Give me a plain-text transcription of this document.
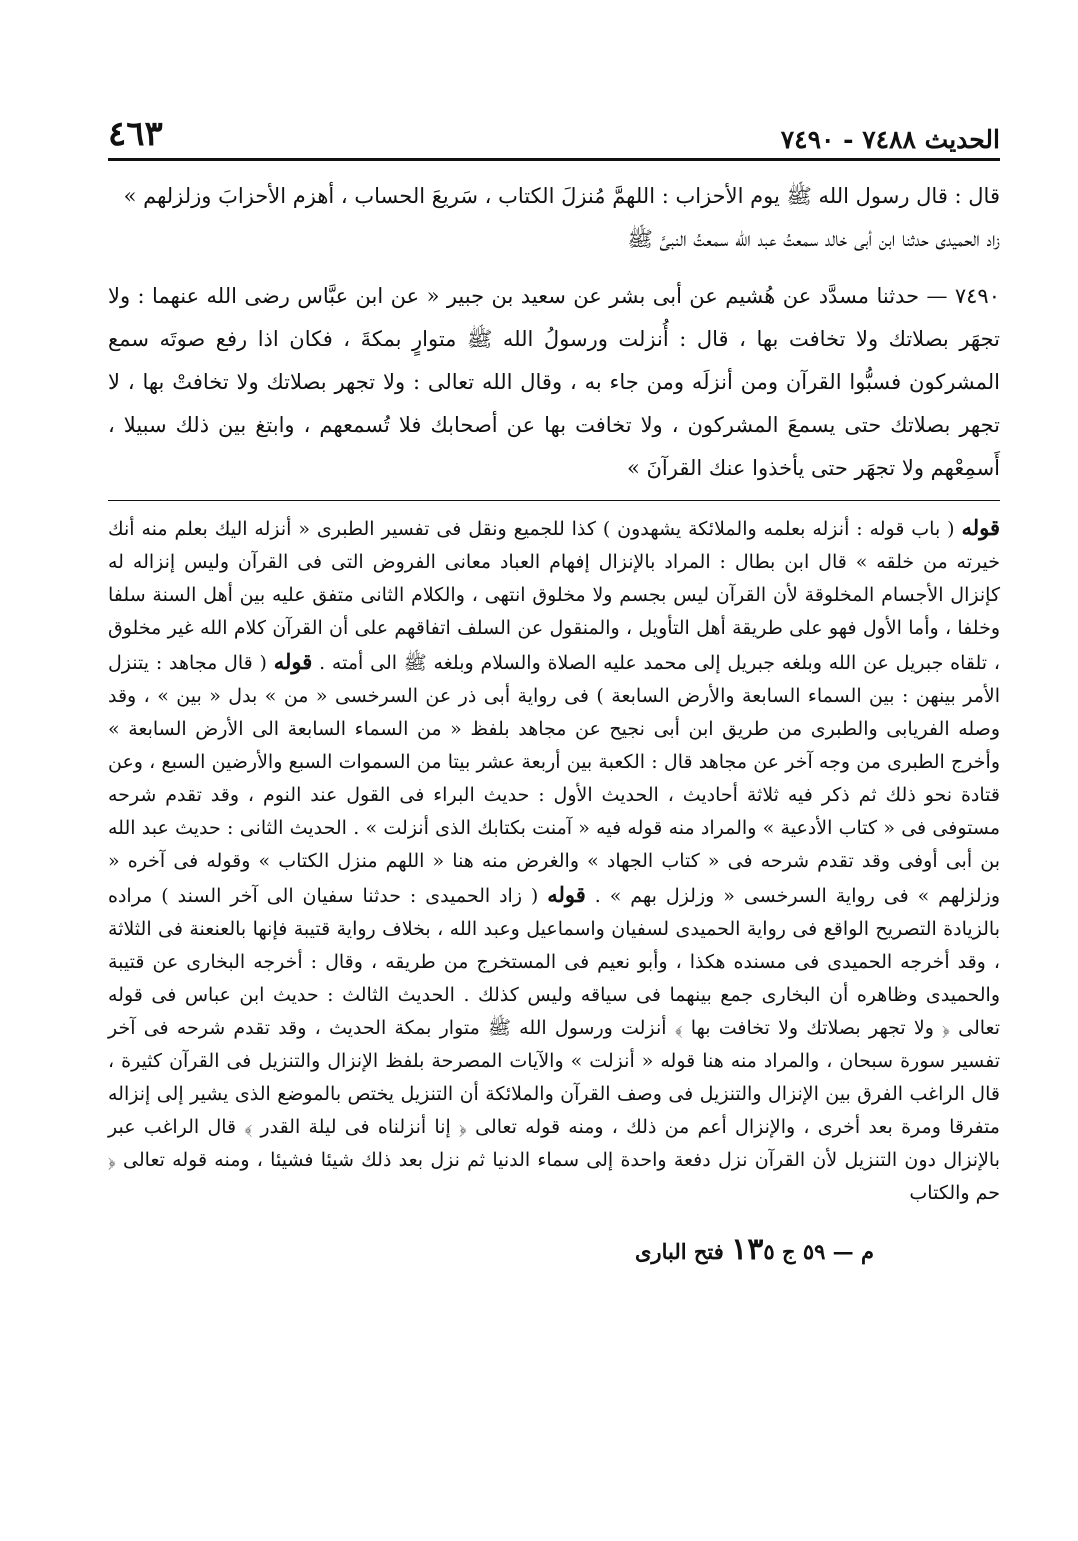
الحديث ٧٤٨٨ - ٧٤٩٠
٤٦٣

قال : قال رسول الله ﷺ يوم الأحزاب : اللهمَّ مُنزلَ الكتاب ، سَريعَ الحساب ، أهزم الأحزابَ وزلزلهم »

زاد الحميدى حدثنا ابن أبى خالد سمعتُ عبد الله سمعتُ النبىَّ ﷺ

٧٤٩٠ — حدثنا مسدَّد عن هُشيم عن أبى بشر عن سعيد بن جبير « عن ابن عبَّاس رضى الله عنهما : ولا تجهَر بصلاتك ولا تخافت بها ، قال : أُنزلت ورسولُ الله ﷺ متوارٍ بمكةَ ، فكان اذا رفع صوتَه سمع المشركون فسبُّوا القرآن ومن أنزلَه ومن جاء به ، وقال الله تعالى : ولا تجهر بصلاتك ولا تخافتْ بها ، لا تجهر بصلاتك حتى يسمعَ المشركون ، ولا تخافت بها عن أصحابك فلا تُسمعهم ، وابتغ بين ذلك سبيلا ، أَسمِعْهم ولا تجهَر حتى يأخذوا عنك القرآنَ »

قوله ( باب قوله : أنزله بعلمه والملائكة يشهدون ) كذا للجميع ونقل فى تفسير الطبرى « أنزله اليك بعلم منه أنك خيرته من خلقه » قال ابن بطال : المراد بالإنزال إفهام العباد معانى الفروض التى فى القرآن وليس إنزاله له كإنزال الأجسام المخلوقة لأن القرآن ليس بجسم ولا مخلوق انتهى ، والكلام الثانى متفق عليه بين أهل السنة سلفا وخلفا ، وأما الأول فهو على طريقة أهل التأويل ، والمنقول عن السلف اتفاقهم على أن القرآن كلام الله غير مخلوق ، تلقاه جبريل عن الله وبلغه جبريل إلى محمد عليه الصلاة والسلام وبلغه ﷺ الى أمته . قوله ( قال مجاهد : يتنزل الأمر بينهن : بين السماء السابعة والأرض السابعة ) فى رواية أبى ذر عن السرخسى « من » بدل « بين » ، وقد وصله الفريابى والطبرى من طريق ابن أبى نجيح عن مجاهد بلفظ « من السماء السابعة الى الأرض السابعة » وأخرج الطبرى من وجه آخر عن مجاهد قال : الكعبة بين أربعة عشر بيتا من السموات السبع والأرضين السبع ، وعن قتادة نحو ذلك ثم ذكر فيه ثلاثة أحاديث ، الحديث الأول : حديث البراء فى القول عند النوم ، وقد تقدم شرحه مستوفى فى « كتاب الأدعية » والمراد منه قوله فيه « آمنت بكتابك الذى أنزلت » . الحديث الثانى : حديث عبد الله بن أبى أوفى وقد تقدم شرحه فى « كتاب الجهاد » والغرض منه هنا « اللهم منزل الكتاب » وقوله فى آخره « وزلزلهم » فى رواية السرخسى « وزلزل بهم » . قوله ( زاد الحميدى : حدثنا سفيان الى آخر السند ) مراده بالزيادة التصريح الواقع فى رواية الحميدى لسفيان واسماعيل وعبد الله ، بخلاف رواية قتيبة فإنها بالعنعنة فى الثلاثة ، وقد أخرجه الحميدى فى مسنده هكذا ، وأبو نعيم فى المستخرج من طريقه ، وقال : أخرجه البخارى عن قتيبة والحميدى وظاهره أن البخارى جمع بينهما فى سياقه وليس كذلك . الحديث الثالث : حديث ابن عباس فى قوله تعالى ﴿ ولا تجهر بصلاتك ولا تخافت بها ﴾ أنزلت ورسول الله ﷺ متوار بمكة الحديث ، وقد تقدم شرحه فى آخر تفسير سورة سبحان ، والمراد منه هنا قوله « أنزلت » والآيات المصرحة بلفظ الإنزال والتنزيل فى القرآن كثيرة ، قال الراغب الفرق بين الإنزال والتنزيل فى وصف القرآن والملائكة أن التنزيل يختص بالموضع الذى يشير إلى إنزاله متفرقا ومرة بعد أخرى ، والإنزال أعم من ذلك ، ومنه قوله تعالى ﴿ إنا أنزلناه فى ليلة القدر ﴾ قال الراغب عبر بالإنزال دون التنزيل لأن القرآن نزل دفعة واحدة إلى سماء الدنيا ثم نزل بعد ذلك شيئا فشيئا ، ومنه قوله تعالى ﴿ حم والكتاب

م — ٥٩ ج ١٣٥ فتح البارى
